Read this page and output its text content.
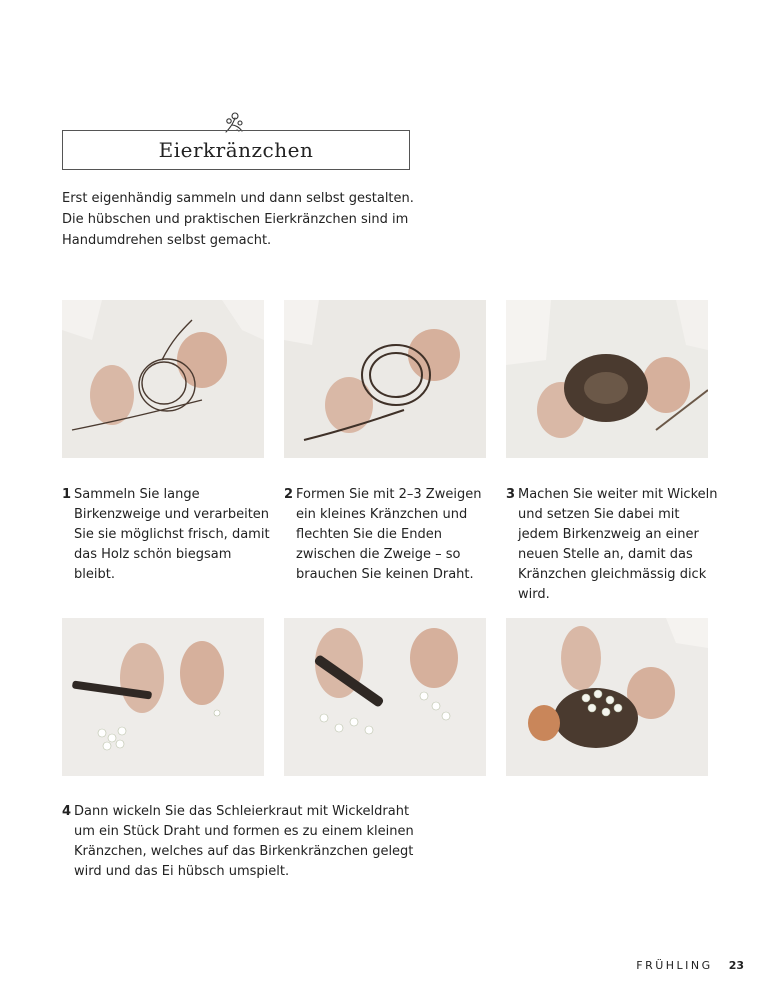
Eierkränzchen

Erst eigenhändig sammeln und dann selbst gestalten. Die hübschen und praktischen Eierkränzchen sind im Handumdrehen selbst gemacht.

1 Sammeln Sie lange Birkenzweige und verarbeiten Sie sie möglichst frisch, damit das Holz schön biegsam bleibt.
2 Formen Sie mit 2–3 Zweigen ein kleines Kränzchen und flechten Sie die Enden zwischen die Zweige – so brauchen Sie keinen Draht.
3 Machen Sie weiter mit Wickeln und setzen Sie dabei mit jedem Birkenzweig an einer neuen Stelle an, damit das Kränzchen gleichmässig dick wird.
4 Dann wickeln Sie das Schleierkraut mit Wickeldraht um ein Stück Draht und formen es zu einem kleinen Kränzchen, welches auf das Birkenkränzchen gelegt wird und das Ei hübsch umspielt.
FRÜHLING 23
